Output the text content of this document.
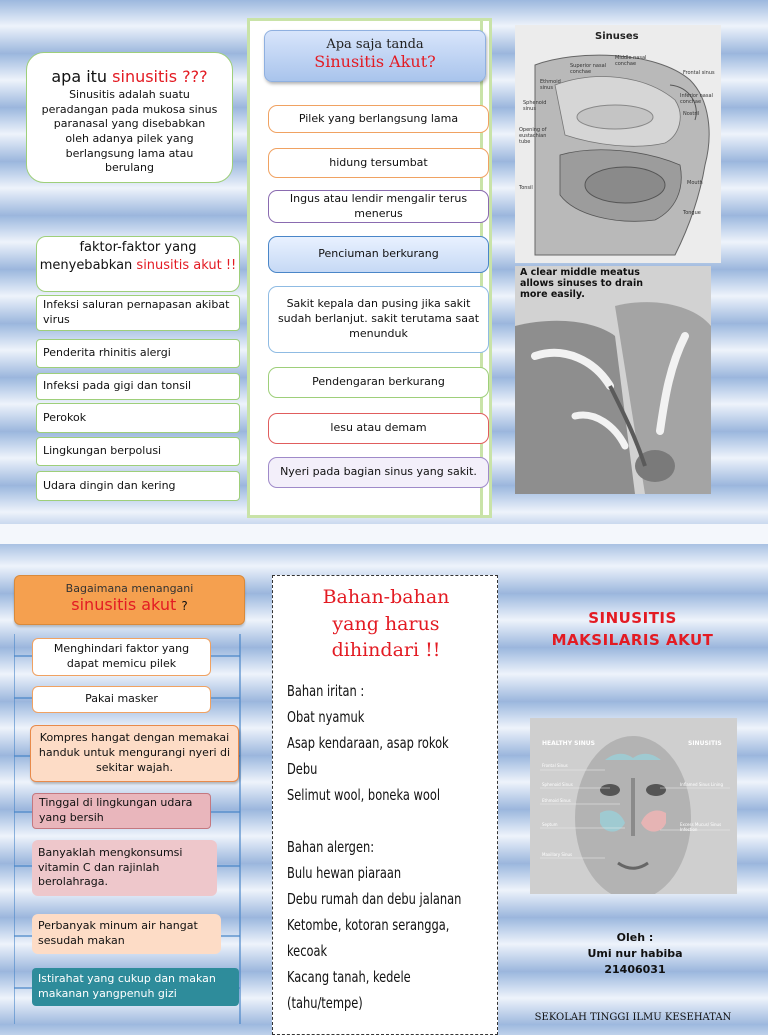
apa itu sinusitis ???
Sinusitis adalah suatu peradangan pada mukosa sinus paranasal yang disebabkan oleh adanya pilek yang berlangsung lama atau berulang
faktor-faktor yang
menyebabkan sinusitis akut !!
Infeksi saluran pernapasan akibat virus
Penderita rhinitis alergi
Infeksi pada gigi dan tonsil
Perokok
Lingkungan berpolusi
Udara dingin dan kering
Apa saja tanda
Sinusitis Akut?
Pilek yang berlangsung lama
hidung tersumbat
Ingus atau lendir mengalir terus menerus
Penciuman berkurang
Sakit kepala dan pusing jika sakit sudah berlanjut. sakit terutama saat menunduk
Pendengaran berkurang
lesu atau demam
Nyeri pada bagian sinus yang sakit.
Sinuses
Frontal sinus
Middle nasal conchae
Superior nasal conchae
Ethmoid sinus
Sphenoid sinus
Inferior nasal conchae
Nostril
Opening of eustachian tube
Tonsil
Mouth
Tongue
A clear middle meatus allows sinuses to drain more easily.
Bagaimana menangani
sinusitis akut ?
Menghindari faktor yang dapat memicu pilek
Pakai masker
Kompres hangat dengan memakai handuk untuk mengurangi nyeri di sekitar wajah.
Tinggal di lingkungan udara yang bersih
Banyaklah mengkonsumsi vitamin C dan rajinlah berolahraga.
Perbanyak minum air hangat sesudah makan
Istirahat yang cukup dan makan makanan yangpenuh gizi
Bahan-bahan yang harus dihindari !!
Bahan iritan :
Obat nyamuk
Asap kendaraan, asap rokok
Debu
Selimut wool, boneka wool
Bahan alergen:
Bulu hewan piaraan
Debu rumah dan debu jalanan
Ketombe, kotoran serangga, kecoak
Kacang tanah, kedele
(tahu/tempe)
SINUSITIS
MAKSILARIS AKUT
HEALTHY SINUS	SINUSITIS
Frontal Sinus
Sphenoid Sinus
Ethmoid Sinus
Septum
Maxillary Sinus
Inflamed Sinus Lining
Excess Mucus/ Sinus Infection
Oleh :
Umi nur habiba
21406031
SEKOLAH TINGGI ILMU KESEHATAN
